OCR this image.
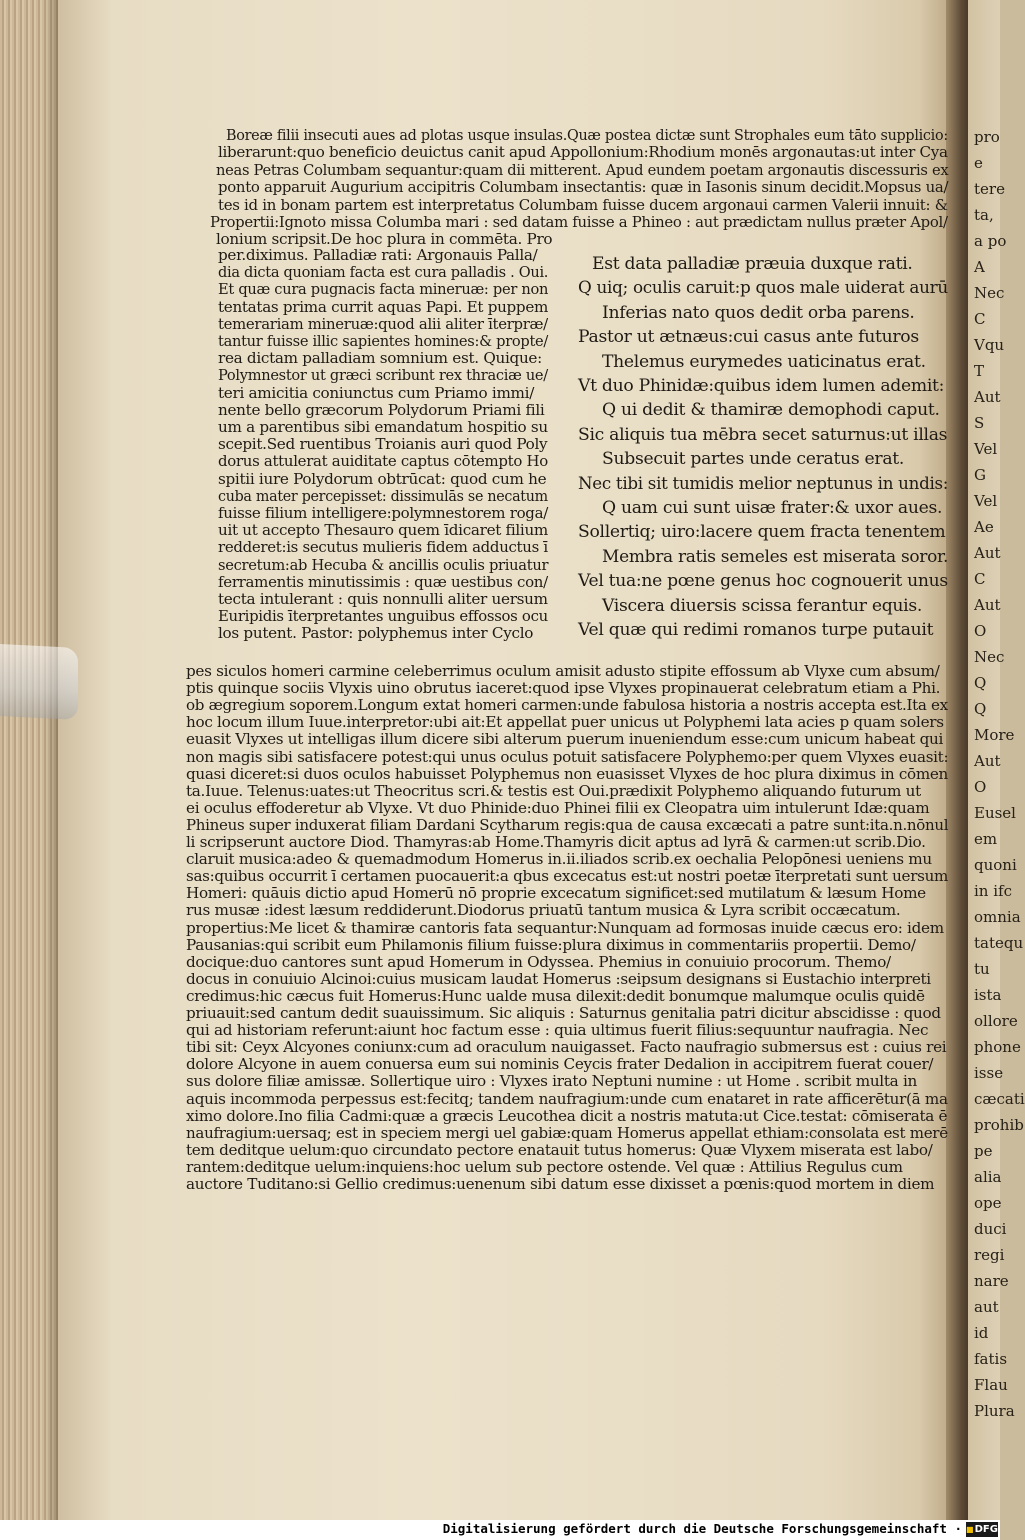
pro
e
tere
ta,
a po
A
Nec
C
Vqu
T
Aut
S
Vel
G
Vel
Ae
Aut
C
Aut
O
Nec
Q
Q
More
Aut
O
Eusel
em
quoni
in ifc
omnia
tatequ
tu
ista
ollore
phone
isse
cæcati
prohib
pe
alia
ope
duci
regi
nare
aut
id
fatis
Flau
Plura
Boreæ filii insecuti aues ad plotas usque insulas.Quæ postea dictæ sunt Strophales eum tāto supplicio:
liberarunt:quo beneficio deuictus canit apud Appollonium:Rhodium monēs argonautas:ut inter Cya
neas Petras Columbam sequantur:quam dii mitterent. Apud eundem poetam argonautis discessuris ex
ponto apparuit Augurium accipitris Columbam insectantis: quæ in Iasonis sinum decidit.Mopsus ua/
tes id in bonam partem est interpretatus Columbam fuisse ducem argonaui carmen Valerii innuit: &
Propertii:Ignoto missa Columba mari : sed datam fuisse a Phineo : aut prædictam nullus præter Apol/
lonium scripsit.De hoc plura in commēta. Pro
per.diximus. Palladiæ rati: Argonauis Palla/
dia dicta quoniam facta est cura palladis . Oui.
Et quæ cura pugnacis facta mineruæ: per non
tentatas prima currit aquas Papi. Et puppem
temerariam mineruæ:quod alii aliter īterpræ/
tantur fuisse illic sapientes homines:& propte/
rea dictam palladiam somnium est. Quique:
Polymnestor ut græci scribunt rex thraciæ ue/
teri amicitia coniunctus cum Priamo immi/
nente bello græcorum Polydorum Priami fili
um a parentibus sibi emandatum hospitio su
scepit.Sed ruentibus Troianis auri quod Poly
dorus attulerat auiditate captus cōtempto Ho
spitii iure Polydorum obtrūcat: quod cum he
cuba mater percepisset: dissimulās se necatum
fuisse filium intelligere:polymnestorem roga/
uit ut accepto Thesauro quem īdicaret filium
redderet:is secutus mulieris fidem adductus ī
secretum:ab Hecuba & ancillis oculis priuatur
ferramentis minutissimis : quæ uestibus con/
tecta intulerant : quis nonnulli aliter uersum
Euripidis īterpretantes unguibus effossos ocu
los putent. Pastor: polyphemus inter Cyclo
Est data palladiæ præuia duxque rati.
Q uiq; oculis caruit:p quos male uiderat aurū
Inferias nato quos dedit orba parens.
Pastor ut ætnæus:cui casus ante futuros
Thelemus eurymedes uaticinatus erat.
Vt duo Phinidæ:quibus idem lumen ademit:
Q ui dedit & thamiræ demophodi caput.
Sic aliquis tua mēbra secet saturnus:ut illas
Subsecuit partes unde ceratus erat.
Nec tibi sit tumidis melior neptunus in undis:
Q uam cui sunt uisæ frater:& uxor aues.
Sollertiq; uiro:lacere quem fracta tenentem
Membra ratis semeles est miserata soror.
Vel tua:ne pœne genus hoc cognouerit unus
Viscera diuersis scissa ferantur equis.
Vel quæ qui redimi romanos turpe putauit
pes siculos homeri carmine celeberrimus oculum amisit adusto stipite effossum ab Vlyxe cum absum/
ptis quinque sociis Vlyxis uino obrutus iaceret:quod ipse Vlyxes propinauerat celebratum etiam a Phi.
ob ægregium soporem.Longum extat homeri carmen:unde fabulosa historia a nostris accepta est.Ita ex
hoc locum illum Iuue.interpretor:ubi ait:Et appellat puer unicus ut Polyphemi lata acies p quam solers
euasit Vlyxes ut intelligas illum dicere sibi alterum puerum inueniendum esse:cum unicum habeat qui
non magis sibi satisfacere potest:qui unus oculus potuit satisfacere Polyphemo:per quem Vlyxes euasit:
quasi diceret:si duos oculos habuisset Polyphemus non euasisset Vlyxes de hoc plura diximus in cōmen
ta.Iuue. Telenus:uates:ut Theocritus scri.& testis est Oui.prædixit Polyphemo aliquando futurum ut
ei oculus effoderetur ab Vlyxe. Vt duo Phinide:duo Phinei filii ex Cleopatra uim intulerunt Idæ:quam
Phineus super induxerat filiam Dardani Scytharum regis:qua de causa excæcati a patre sunt:ita.n.nōnul
li scripserunt auctore Diod. Thamyras:ab Home.Thamyris dicit aptus ad lyrā & carmen:ut scrib.Dio.
claruit musica:adeo & quemadmodum Homerus in.ii.iliados scrib.ex oechalia Pelopōnesi ueniens mu
sas:quibus occurrit ī certamen puocauerit:a qbus excecatus est:ut nostri poetæ īterpretati sunt uersum
Homeri: quāuis dictio apud Homerū nō proprie excecatum significet:sed mutilatum & læsum Home
rus musæ :idest læsum reddiderunt.Diodorus priuatū tantum musica & Lyra scribit occæcatum.
propertius:Me licet & thamiræ cantoris fata sequantur:Nunquam ad formosas inuide cæcus ero: idem
Pausanias:qui scribit eum Philamonis filium fuisse:plura diximus in commentariis propertii. Demo/
docique:duo cantores sunt apud Homerum in Odyssea. Phemius in conuiuio procorum. Themo/
docus in conuiuio Alcinoi:cuius musicam laudat Homerus :seipsum designans si Eustachio interpreti
credimus:hic cæcus fuit Homerus:Hunc ualde musa dilexit:dedit bonumque malumque oculis quidē
priuauit:sed cantum dedit suauissimum. Sic aliquis : Saturnus genitalia patri dicitur abscidisse : quod
qui ad historiam referunt:aiunt hoc factum esse : quia ultimus fuerit filius:sequuntur naufragia. Nec
tibi sit: Ceyx Alcyones coniunx:cum ad oraculum nauigasset. Facto naufragio submersus est : cuius rei
dolore Alcyone in auem conuersa eum sui nominis Ceycis frater Dedalion in accipitrem fuerat couer/
sus dolore filiæ amissæ. Sollertique uiro : Vlyxes irato Neptuni numine : ut Home . scribit multa in
aquis incommoda perpessus est:fecitq; tandem naufragium:unde cum enataret in rate afficerētur(ā ma
ximo dolore.Ino filia Cadmi:quæ a græcis Leucothea dicit a nostris matuta:ut Cice.testat: cōmiserata ē
naufragium:uersaq; est in speciem mergi uel gabiæ:quam Homerus appellat ethiam:consolata est merē
tem deditque uelum:quo circundato pectore enatauit tutus homerus: Quæ Vlyxem miserata est labo/
rantem:deditque uelum:inquiens:hoc uelum sub pectore ostende. Vel quæ : Attilius Regulus cum
auctore Tuditano:si Gellio credimus:uenenum sibi datum esse dixisset a pœnis:quod mortem in diem
Digitalisierung gefördert durch die Deutsche Forschungsgemeinschaft ·
■	DFG
